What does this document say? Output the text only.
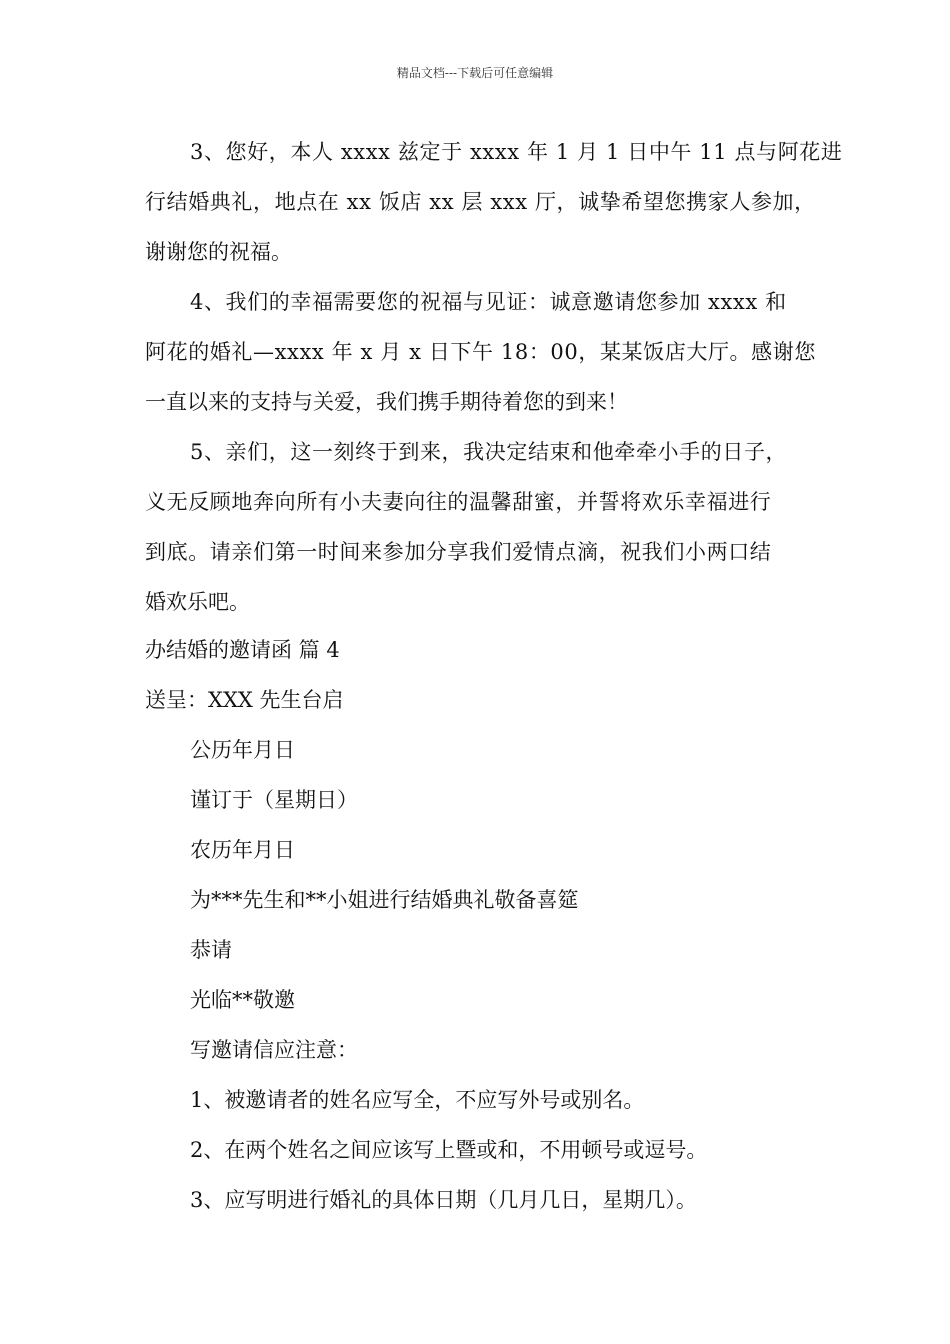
精品文档---下载后可任意编辑
3、您好，本人 xxxx 兹定于 xxxx 年 1 月 1 日中午 11 点与阿花进
行结婚典礼，地点在 xx 饭店 xx 层 xxx 厅，诚挚希望您携家人参加，
谢谢您的祝福。
4、我们的幸福需要您的祝福与见证：诚意邀请您参加 xxxx 和
阿花的婚礼—xxxx 年 x 月 x 日下午 18：00，某某饭店大厅。感谢您
一直以来的支持与关爱，我们携手期待着您的到来！
5、亲们，这一刻终于到来，我决定结束和他牵牵小手的日子，
义无反顾地奔向所有小夫妻向往的温馨甜蜜，并誓将欢乐幸福进行
到底。请亲们第一时间来参加分享我们爱情点滴，祝我们小两口结
婚欢乐吧。
办结婚的邀请函 篇 4
送呈：XXX 先生台启
公历年月日
谨订于（星期日）
农历年月日
为***先生和**小姐进行结婚典礼敬备喜筵
恭请
光临**敬邀
写邀请信应注意：
1、被邀请者的姓名应写全，不应写外号或别名。
2、在两个姓名之间应该写上暨或和，不用顿号或逗号。
3、应写明进行婚礼的具体日期（几月几日，星期几）。
